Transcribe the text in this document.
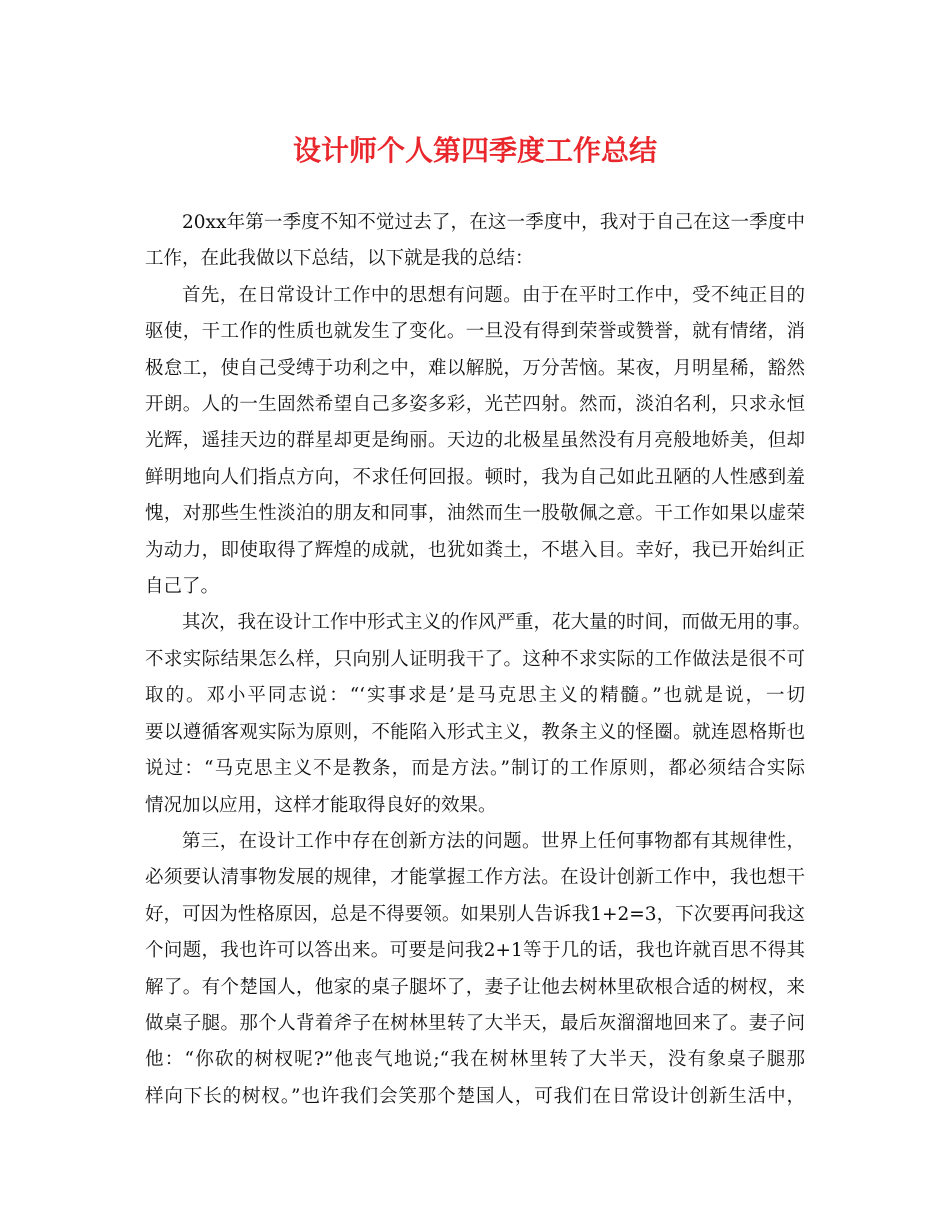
设计师个人第四季度工作总结

20xx年第一季度不知不觉过去了，在这一季度中，我对于自己在这一季度中
工作，在此我做以下总结，以下就是我的总结：

首先，在日常设计工作中的思想有问题。由于在平时工作中，受不纯正目的
驱使，干工作的性质也就发生了变化。一旦没有得到荣誉或赞誉，就有情绪，消
极怠工，使自己受缚于功利之中，难以解脱，万分苦恼。某夜，月明星稀，豁然
开朗。人的一生固然希望自己多姿多彩，光芒四射。然而，淡泊名利，只求永恒
光辉，遥挂天边的群星却更是绚丽。天边的北极星虽然没有月亮般地娇美，但却
鲜明地向人们指点方向，不求任何回报。顿时，我为自己如此丑陋的人性感到羞
愧，对那些生性淡泊的朋友和同事，油然而生一股敬佩之意。干工作如果以虚荣
为动力，即使取得了辉煌的成就，也犹如粪土，不堪入目。幸好，我已开始纠正
自己了。

其次，我在设计工作中形式主义的作风严重，花大量的时间，而做无用的事。
不求实际结果怎么样，只向别人证明我干了。这种不求实际的工作做法是很不可
取的。邓小平同志说：“‘实事求是’是马克思主义的精髓。”也就是说，一切
要以遵循客观实际为原则，不能陷入形式主义，教条主义的怪圈。就连恩格斯也
说过：“马克思主义不是教条，而是方法。”制订的工作原则，都必须结合实际
情况加以应用，这样才能取得良好的效果。

第三，在设计工作中存在创新方法的问题。世界上任何事物都有其规律性，
必须要认清事物发展的规律，才能掌握工作方法。在设计创新工作中，我也想干
好，可因为性格原因，总是不得要领。如果别人告诉我1+2=3，下次要再问我这
个问题，我也许可以答出来。可要是问我2+1等于几的话，我也许就百思不得其
解了。有个楚国人，他家的桌子腿坏了，妻子让他去树林里砍根合适的树杈，来
做桌子腿。那个人背着斧子在树林里转了大半天，最后灰溜溜地回来了。妻子问
他：“你砍的树杈呢?”他丧气地说;“我在树林里转了大半天，没有象桌子腿那
样向下长的树杈。”也许我们会笑那个楚国人，可我们在日常设计创新生活中，
